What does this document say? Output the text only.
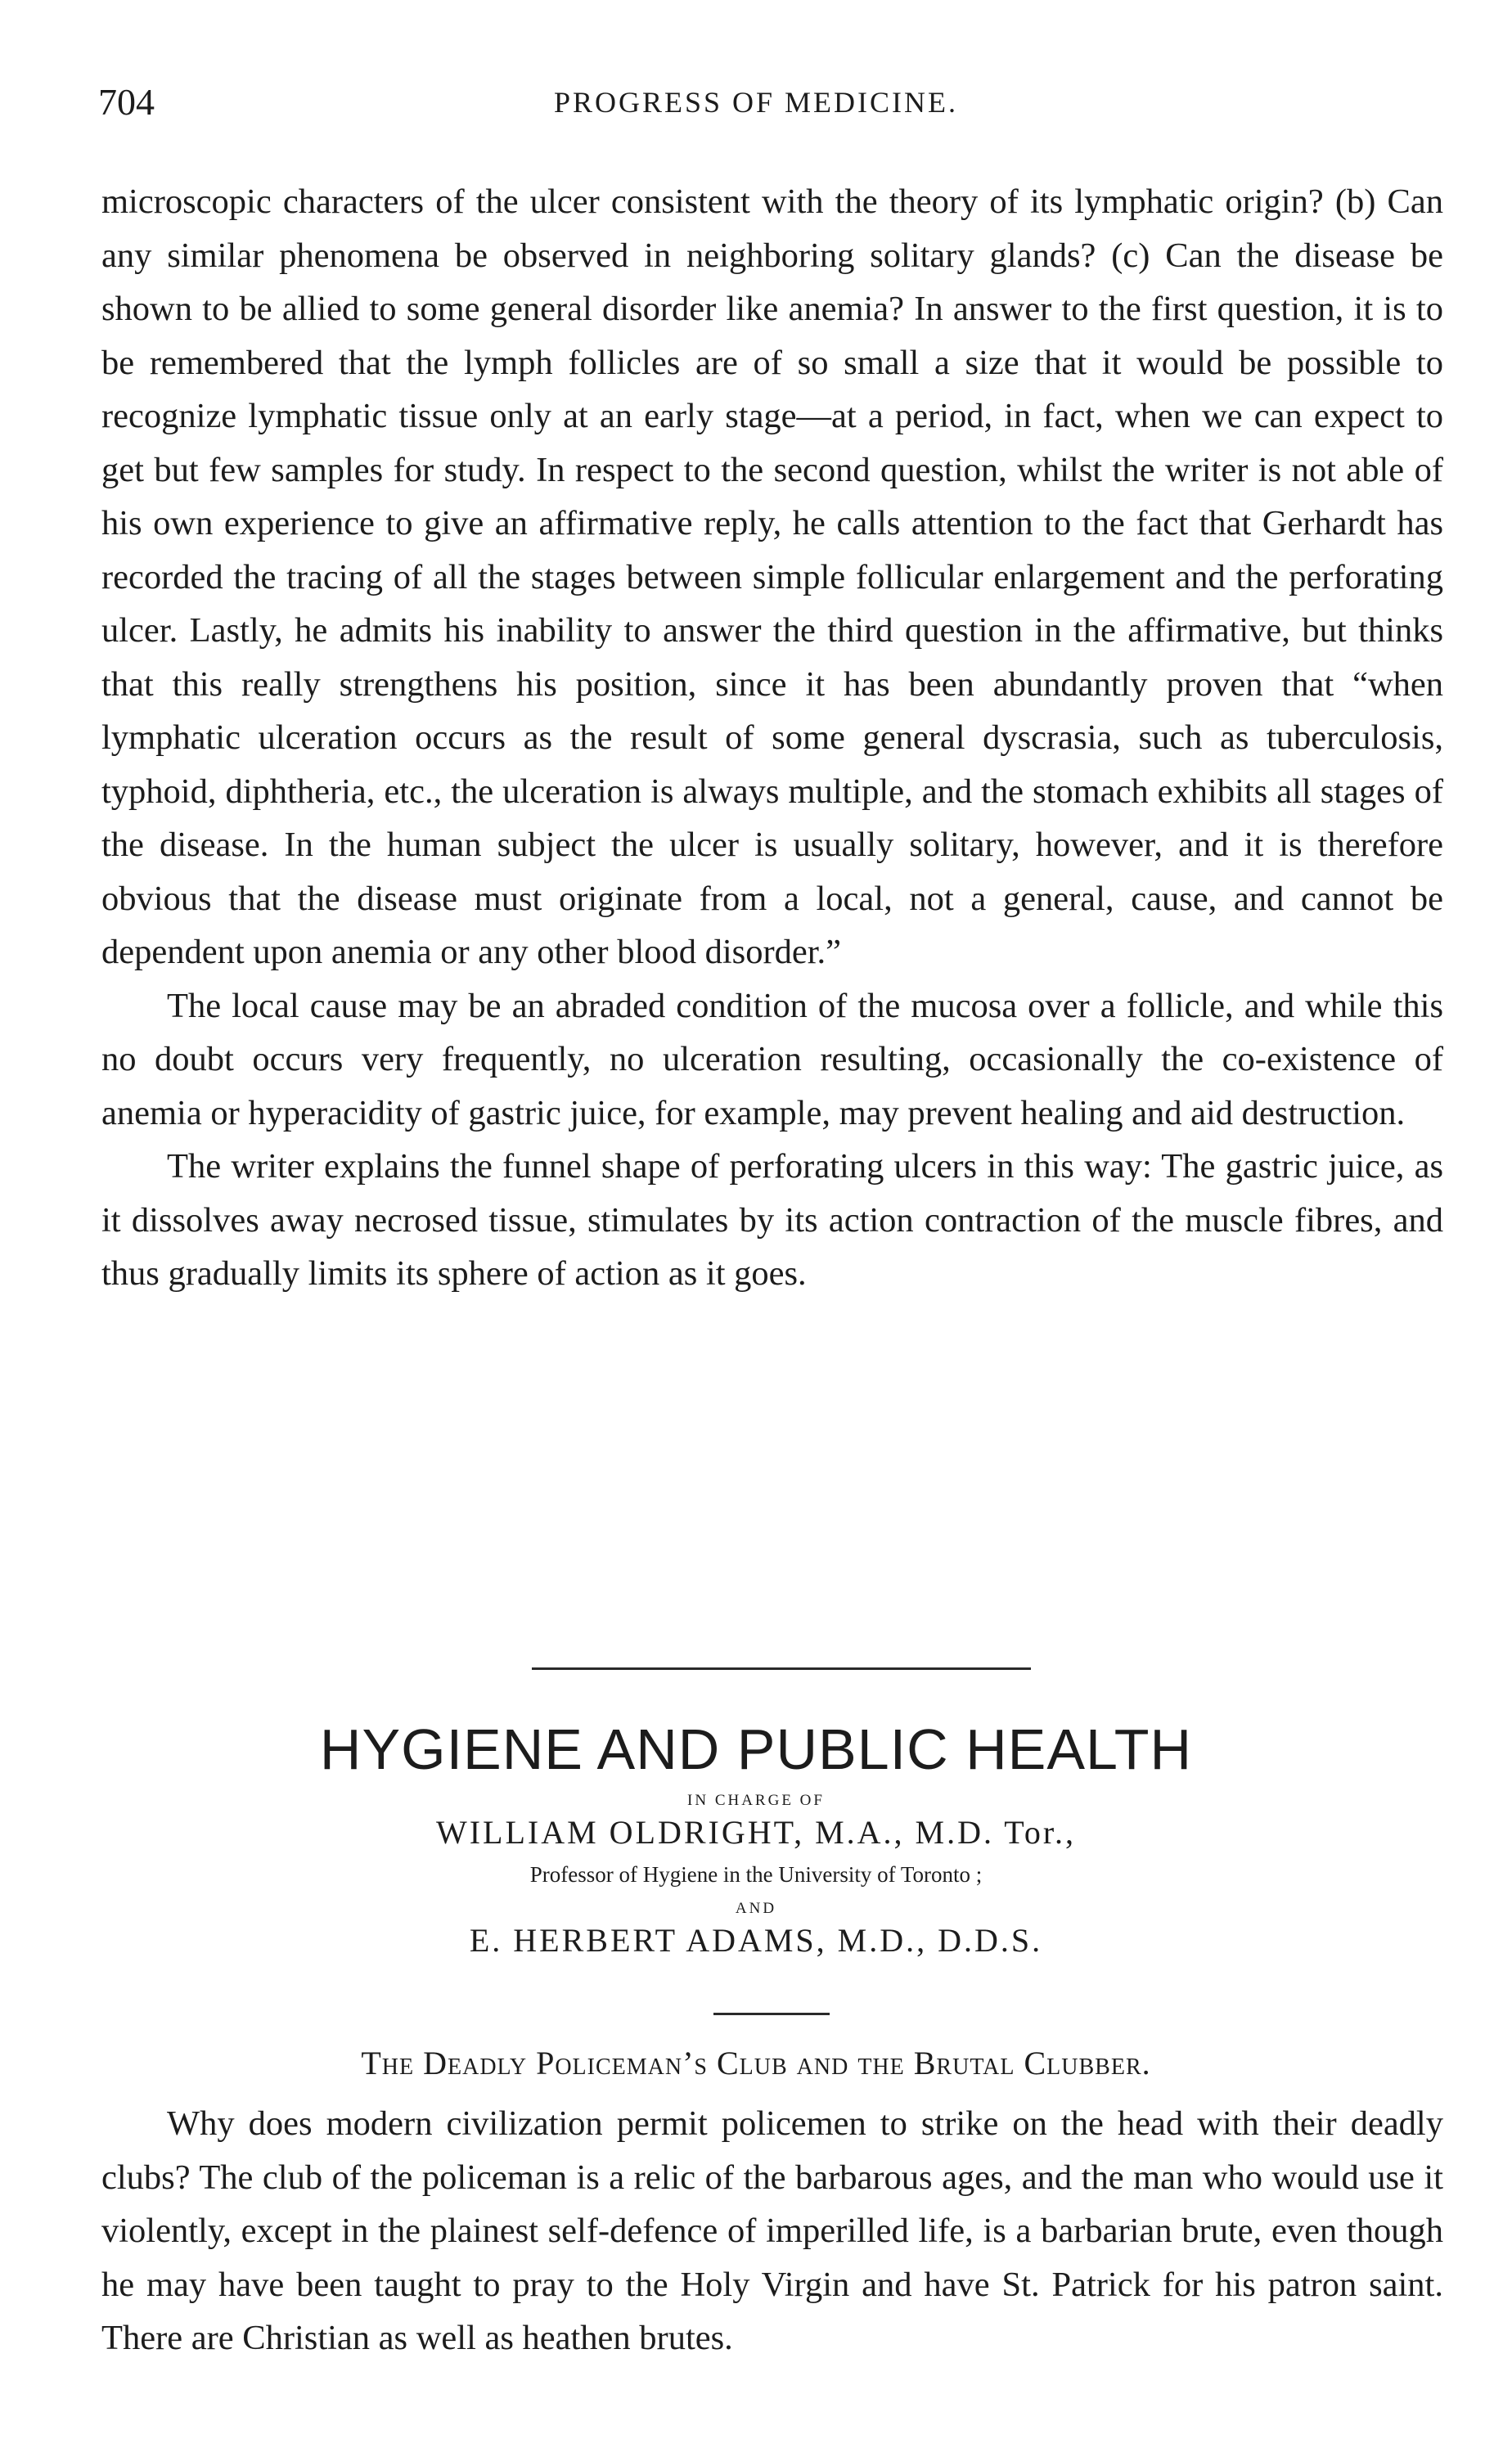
704	PROGRESS OF MEDICINE.

microscopic characters of the ulcer consistent with the theory of its lymphatic origin? (b) Can any similar phenomena be observed in neighboring solitary glands? (c) Can the disease be shown to be allied to some general disorder like anemia? In answer to the first question, it is to be remembered that the lymph follicles are of so small a size that it would be possible to recognize lymphatic tissue only at an early stage—at a period, in fact, when we can expect to get but few samples for study. In respect to the second question, whilst the writer is not able of his own experience to give an affirmative reply, he calls attention to the fact that Gerhardt has recorded the tracing of all the stages between simple follicular enlargement and the perforating ulcer. Lastly, he admits his inability to answer the third question in the affirmative, but thinks that this really strengthens his position, since it has been abundantly proven that “when lymphatic ulceration occurs as the result of some general dyscrasia, such as tuberculosis, typhoid, diphtheria, etc., the ulceration is always multiple, and the stomach exhibits all stages of the disease. In the human subject the ulcer is usually solitary, however, and it is therefore obvious that the disease must originate from a local, not a general, cause, and cannot be dependent upon anemia or any other blood disorder.”

The local cause may be an abraded condition of the mucosa over a follicle, and while this no doubt occurs very frequently, no ulceration resulting, occasionally the co-existence of anemia or hyperacidity of gastric juice, for example, may prevent healing and aid destruction.

The writer explains the funnel shape of perforating ulcers in this way: The gastric juice, as it dissolves away necrosed tissue, stimulates by its action contraction of the muscle fibres, and thus gradually limits its sphere of action as it goes.

HYGIENE AND PUBLIC HEALTH
IN CHARGE OF
WILLIAM OLDRIGHT, M.A., M.D. Tor.,
Professor of Hygiene in the University of Toronto ;
AND
E. HERBERT ADAMS, M.D., D.D.S.
The Deadly Policeman’s Club and the Brutal Clubber.

Why does modern civilization permit policemen to strike on the head with their deadly clubs? The club of the policeman is a relic of the barbarous ages, and the man who would use it violently, except in the plainest self-defence of imperilled life, is a barbarian brute, even though he may have been taught to pray to the Holy Virgin and have St. Patrick for his patron saint. There are Christian as well as heathen brutes.
